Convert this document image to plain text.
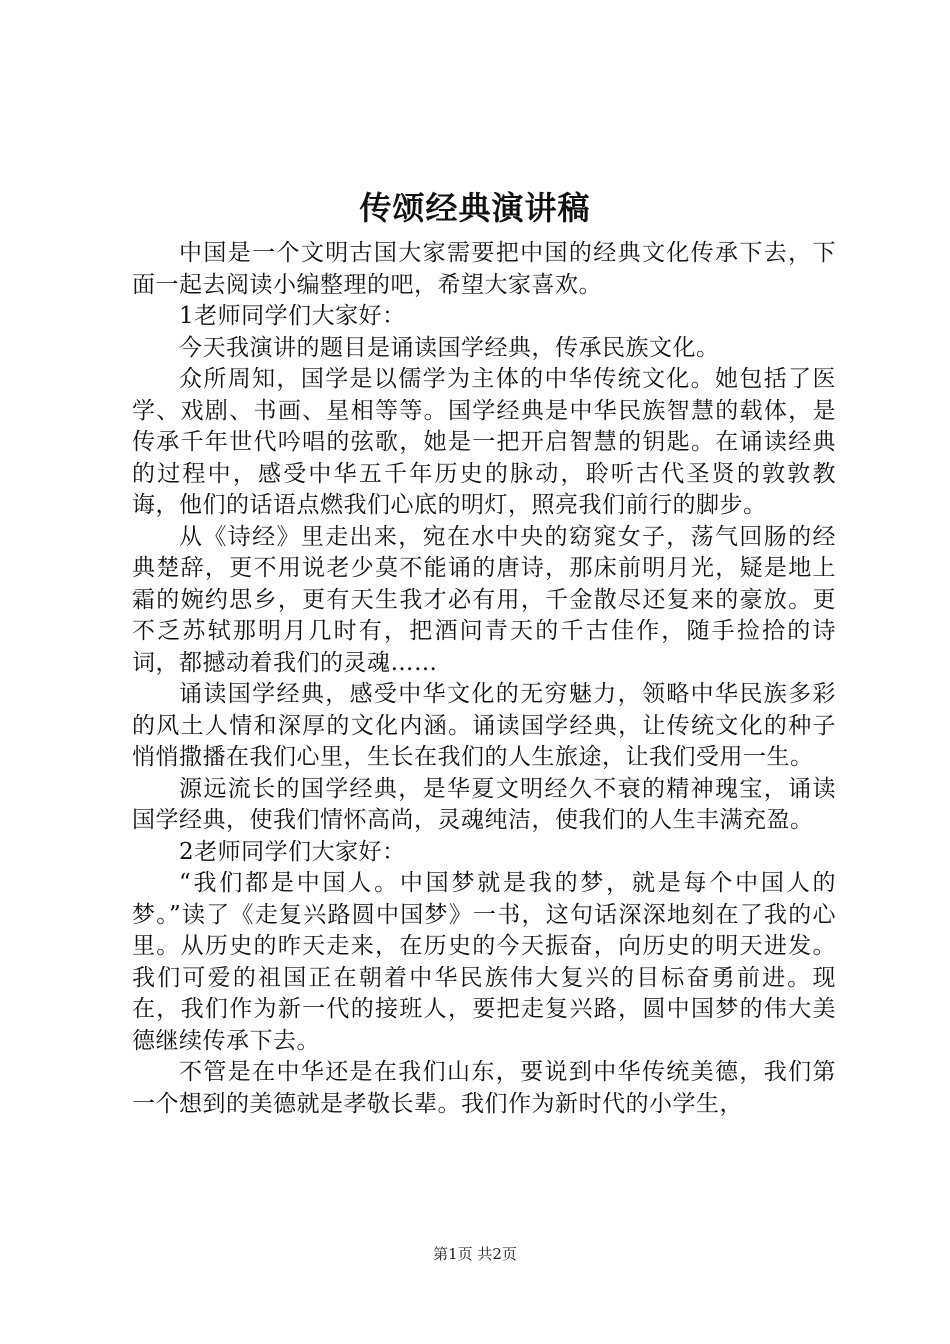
传颂经典演讲稿

中国是一个文明古国大家需要把中国的经典文化传承下去，下面一起去阅读小编整理的吧，希望大家喜欢。

1老师同学们大家好：

今天我演讲的题目是诵读国学经典，传承民族文化。

众所周知，国学是以儒学为主体的中华传统文化。她包括了医学、戏剧、书画、星相等等。国学经典是中华民族智慧的载体，是传承千年世代吟唱的弦歌，她是一把开启智慧的钥匙。在诵读经典的过程中，感受中华五千年历史的脉动，聆听古代圣贤的敦敦教诲，他们的话语点燃我们心底的明灯，照亮我们前行的脚步。

从《诗经》里走出来，宛在水中央的窈窕女子，荡气回肠的经典楚辞，更不用说老少莫不能诵的唐诗，那床前明月光，疑是地上霜的婉约思乡，更有天生我才必有用，千金散尽还复来的豪放。更不乏苏轼那明月几时有，把酒问青天的千古佳作，随手捡拾的诗词，都撼动着我们的灵魂……

诵读国学经典，感受中华文化的无穷魅力，领略中华民族多彩的风土人情和深厚的文化内涵。诵读国学经典，让传统文化的种子悄悄撒播在我们心里，生长在我们的人生旅途，让我们受用一生。

源远流长的国学经典，是华夏文明经久不衰的精神瑰宝，诵读国学经典，使我们情怀高尚，灵魂纯洁，使我们的人生丰满充盈。

2老师同学们大家好：

“我们都是中国人。中国梦就是我的梦，就是每个中国人的梦。”读了《走复兴路圆中国梦》一书，这句话深深地刻在了我的心里。从历史的昨天走来，在历史的今天振奋，向历史的明天进发。我们可爱的祖国正在朝着中华民族伟大复兴的目标奋勇前进。现在，我们作为新一代的接班人，要把走复兴路，圆中国梦的伟大美德继续传承下去。

不管是在中华还是在我们山东，要说到中华传统美德，我们第一个想到的美德就是孝敬长辈。我们作为新时代的小学生，

第1页 共2页
